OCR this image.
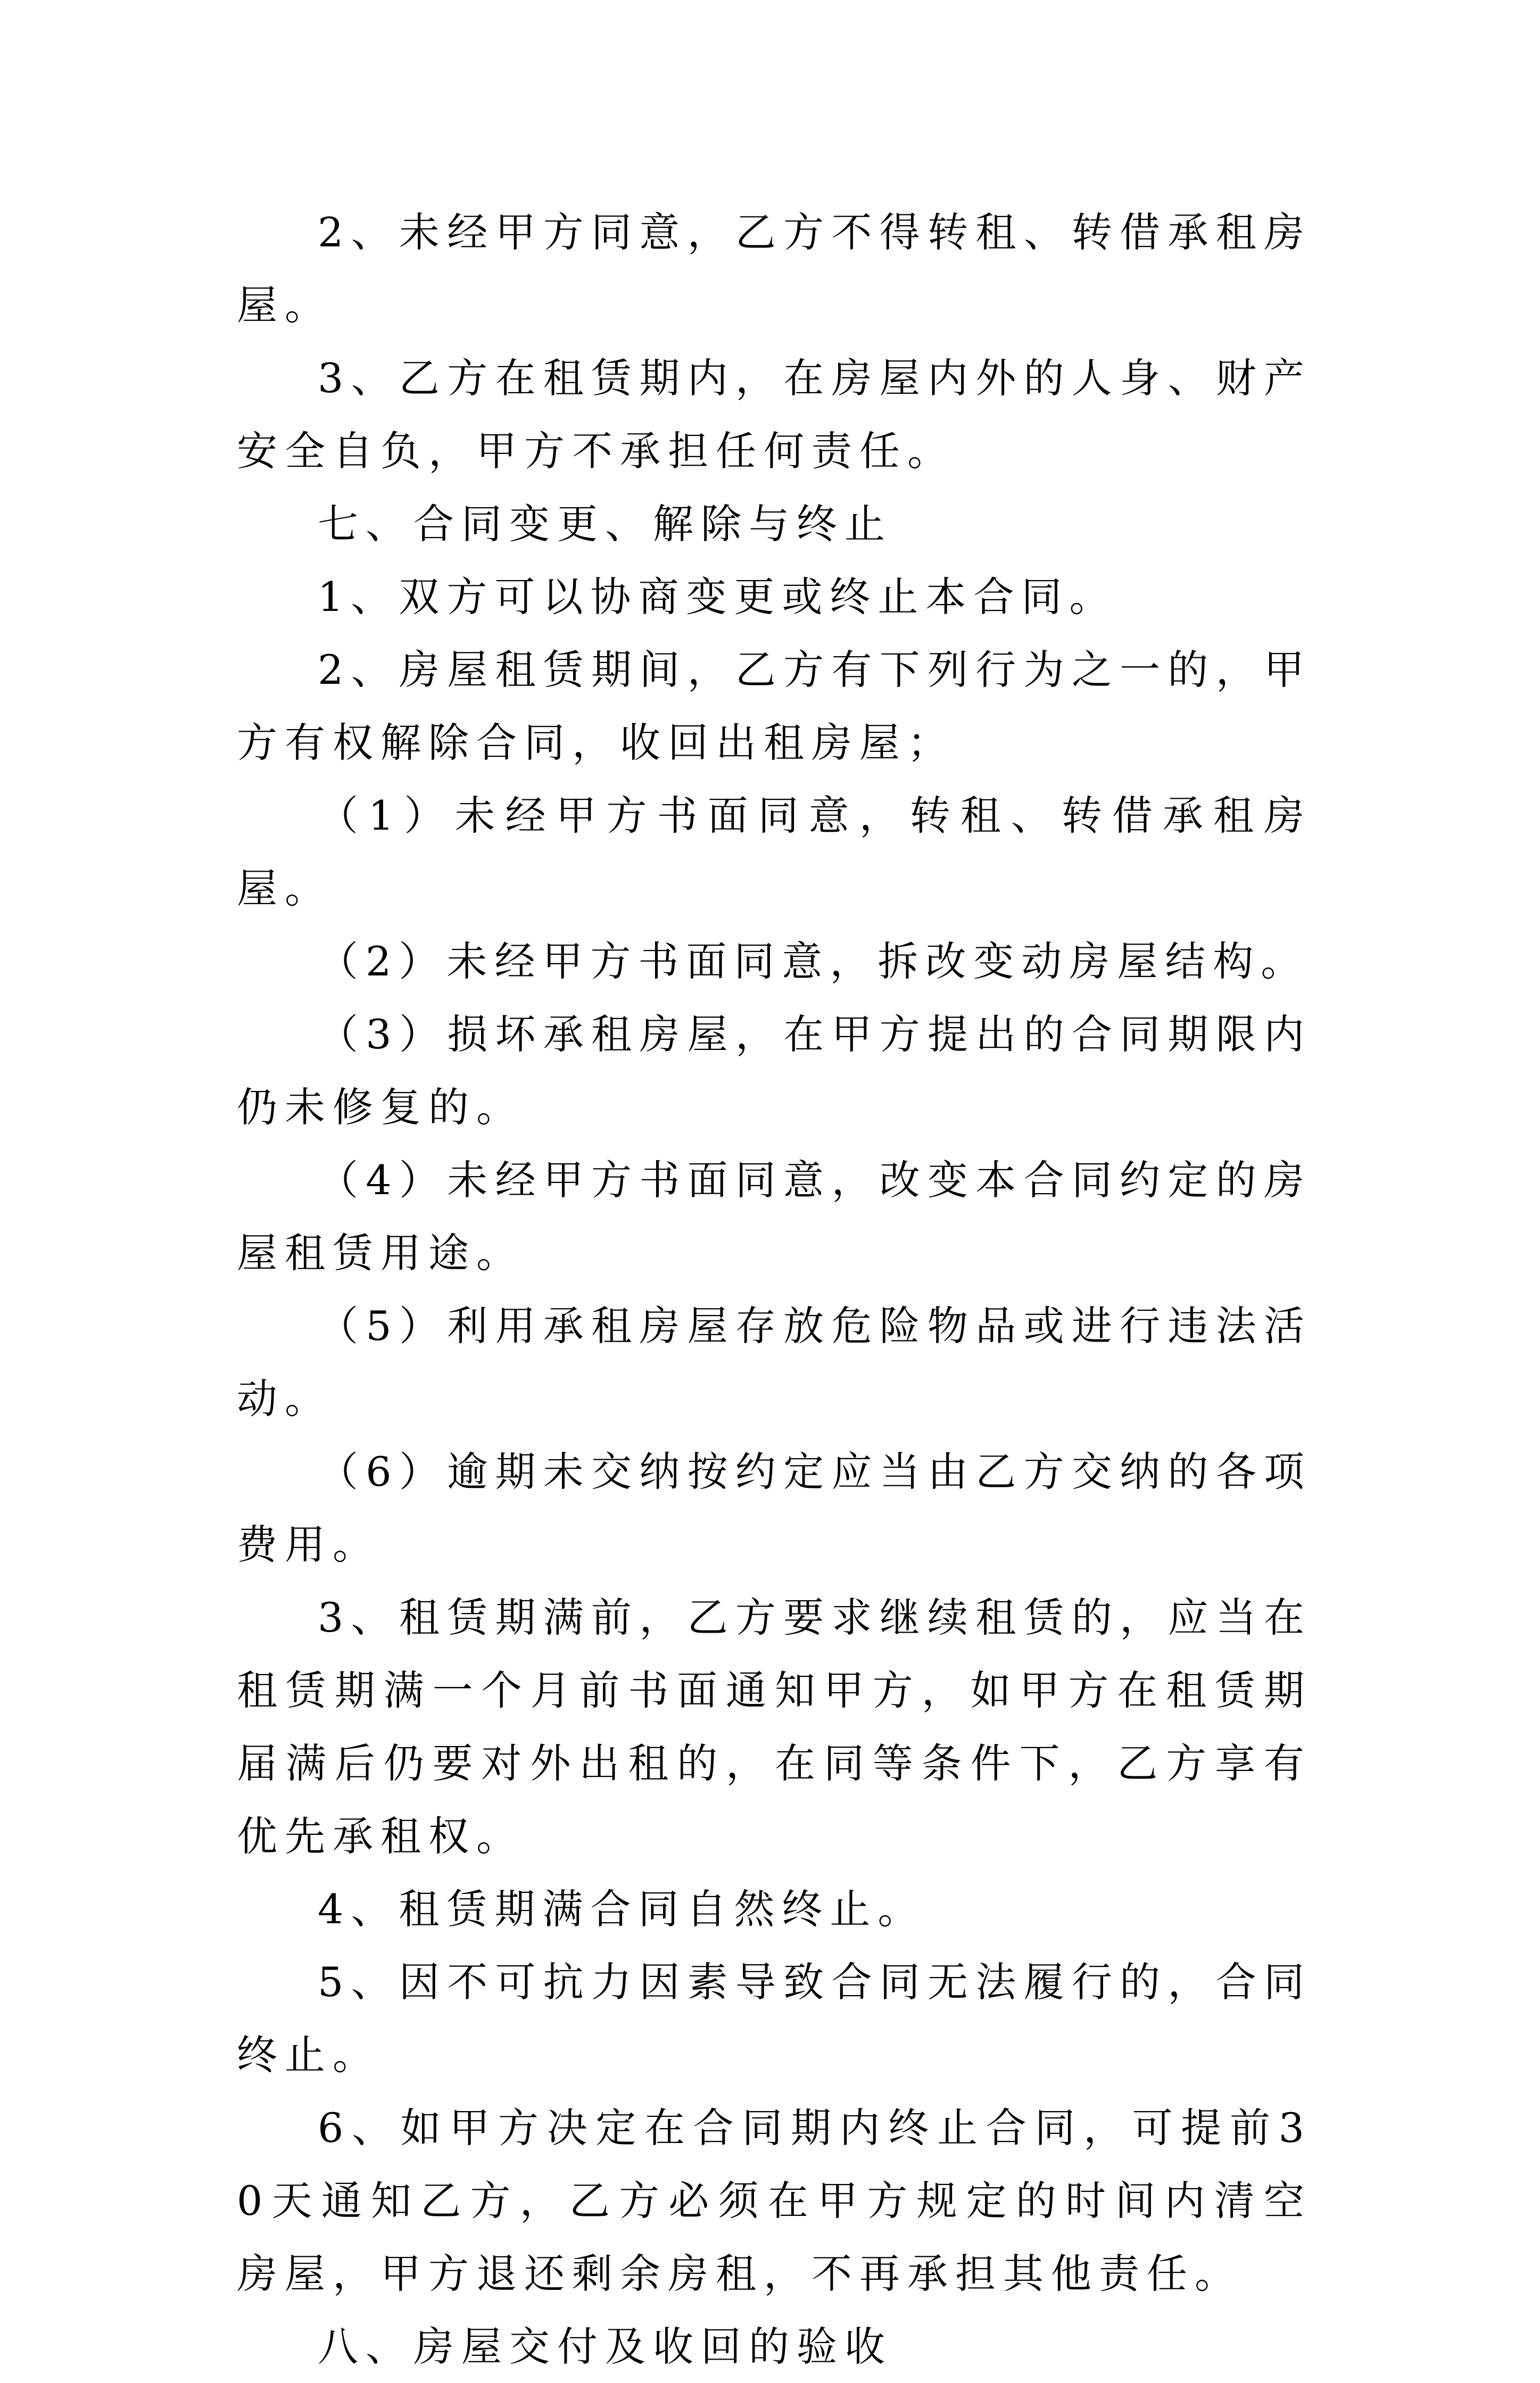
2、未经甲方同意，乙方不得转租、转借承租房屋。

3、乙方在租赁期内，在房屋内外的人身、财产安全自负，甲方不承担任何责任。

七、合同变更、解除与终止

1、双方可以协商变更或终止本合同。

2、房屋租赁期间，乙方有下列行为之一的，甲方有权解除合同，收回出租房屋；

（1）未经甲方书面同意，转租、转借承租房屋。

（2）未经甲方书面同意，拆改变动房屋结构。

（3）损坏承租房屋，在甲方提出的合同期限内仍未修复的。

（4）未经甲方书面同意，改变本合同约定的房屋租赁用途。

（5）利用承租房屋存放危险物品或进行违法活动。

（6）逾期未交纳按约定应当由乙方交纳的各项费用。

3、租赁期满前，乙方要求继续租赁的，应当在租赁期满一个月前书面通知甲方，如甲方在租赁期届满后仍要对外出租的，在同等条件下，乙方享有优先承租权。

4、租赁期满合同自然终止。

5、因不可抗力因素导致合同无法履行的，合同终止。

6、如甲方决定在合同期内终止合同，可提前30天通知乙方，乙方必须在甲方规定的时间内清空房屋，甲方退还剩余房租，不再承担其他责任。

八、房屋交付及收回的验收
